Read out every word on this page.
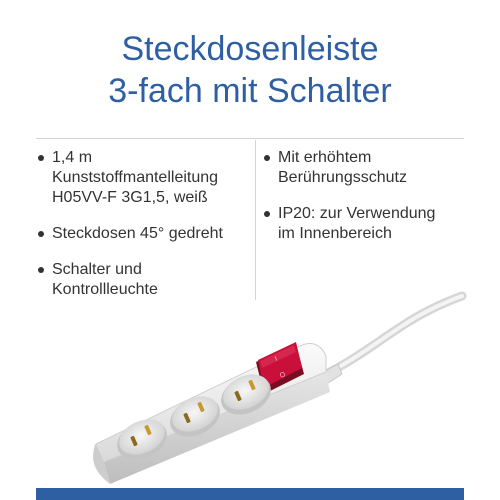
Steckdosenleiste
3-fach mit Schalter
1,4 m
Kunststoffmantelleitung
H05VV-F 3G1,5, weiß
Steckdosen 45° gedreht
Schalter und
Kontrollleuchte
Mit erhöhtem
Berührungsschutz
IP20: zur Verwendung
im Innenbereich
I
O
